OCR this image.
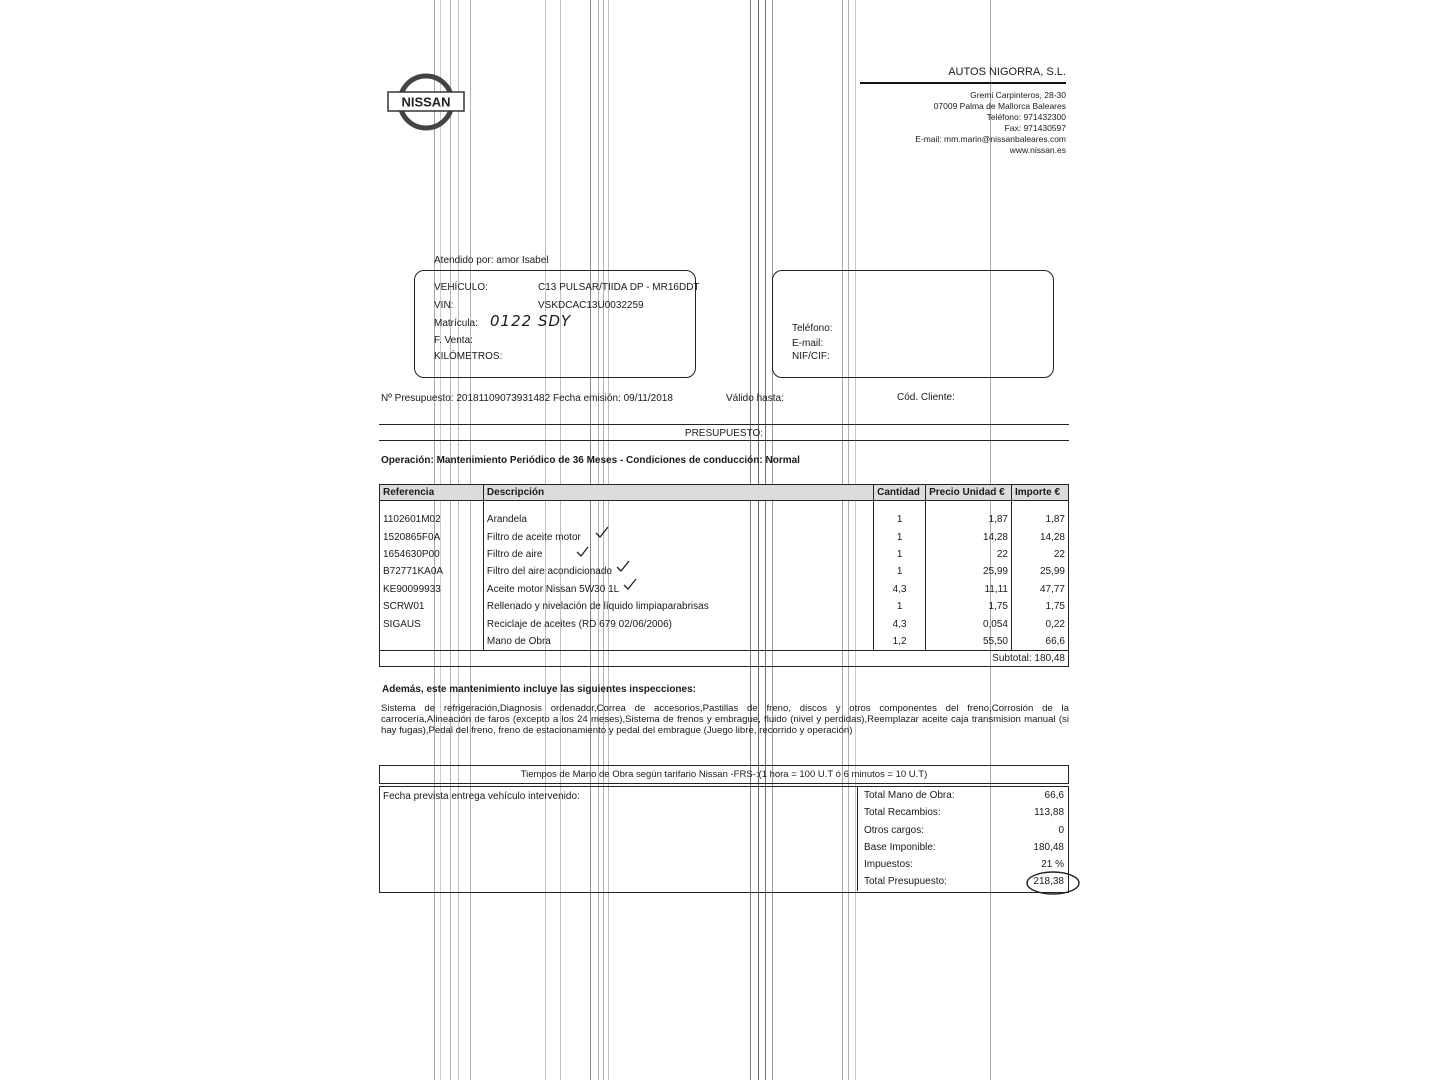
NISSAN
AUTOS NIGORRA, S.L.
Gremi Carpinteros, 28-30
07009 Palma de Mallorca Baleares
Teléfono: 971432300
Fax: 971430597
E-mail: mm.marin@nissanbaleares.com
www.nissan.es
Atendido por: amor Isabel
VEHÍCULO:	C13 PULSAR/TIIDA DP - MR16DDT
VIN:	VSKDCAC13U0032259
Matrícula: 0122 SDY
F. Venta:
KILÓMETROS:
Teléfono:
E-mail:
NIF/CIF:
Nº Presupuesto: 20181109073931482 Fecha emisión: 09/11/2018	Válido hasta:	Cód. Cliente:
PRESUPUESTO:
Operación: Mantenimiento Periódico de 36 Meses - Condiciones de conducción: Normal
Referencia	Descripción	Cantidad	Precio Unidad €	Importe €
1102601M02	Arandela	1	1,87	1,87
1520865F0A	Filtro de aceite motor	1	14,28	14,28
1654630P00	Filtro de aire	1	22	22
B72771KA0A	Filtro del aire acondicionado	1	25,99	25,99
KE90099933	Aceite motor Nissan 5W30 1L	4,3	11,11	47,77
SCRW01	Rellenado y nivelación de líquido limpiaparabrisas	1	1,75	1,75
SIGAUS	Reciclaje de aceites (RD 679 02/06/2006)	4,3	0,054	0,22
	Mano de Obra	1,2	55,50	66,6
Subtotal: 180,48				
Además, este mantenimiento incluye las siguientes inspecciones:
Sistema de refrigeración,Diagnosis ordenador,Correa de accesorios,Pastillas de freno, discos y otros componentes del freno,Corrosión de la carrocería,Alineación de faros (excepto a los 24 meses),Sistema de frenos y embrague, fluido (nivel y perdidas),Reemplazar aceite caja transmision manual (si hay fugas),Pedal del freno, freno de estacionamiento y pedal del embrague (Juego libre, recorrido y operación)
Tiempos de Mano de Obra según tarifario Nissan -FRS-:(1 hora = 100 U.T ó 6 minutos = 10 U.T)
Fecha prevista entrega vehículo intervenido:	Total Mano de Obra:	66,6
Total Recambios:	113,88
Otros cargos:	0
Base Imponible:	180,48
Impuestos:	21 %
Total Presupuesto:	218,38
